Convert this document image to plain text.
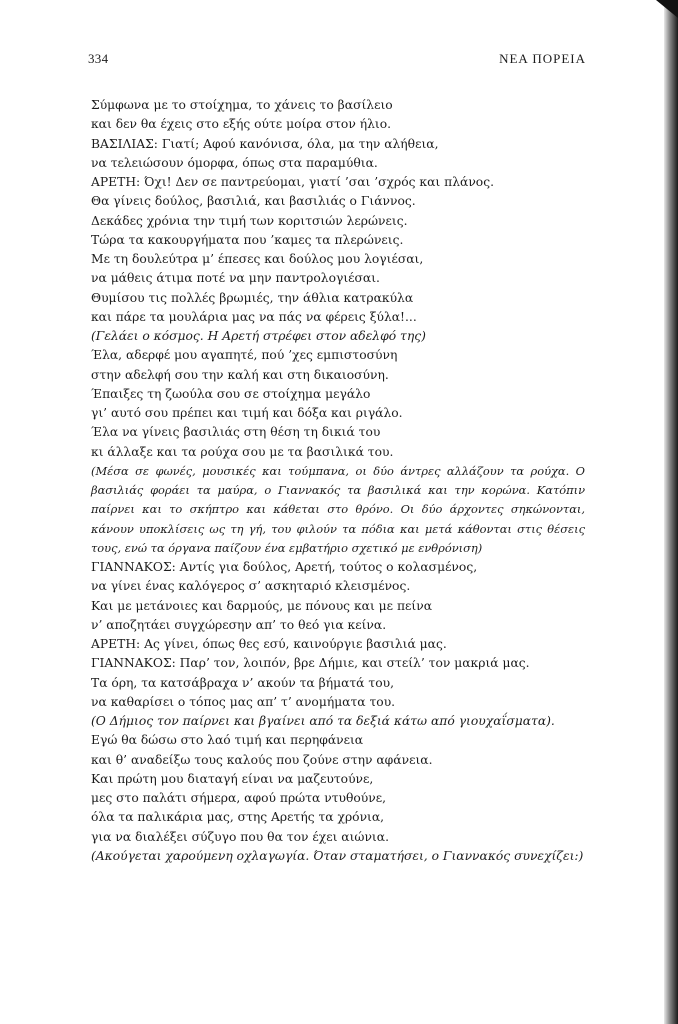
334	ΝΕΑ ΠΟΡΕΙΑ
Σύμφωνα με το στοίχημα, το χάνεις το βασίλειο
και δεν θα έχεις στο εξής ούτε μοίρα στον ήλιο.
ΒΑΣΙΛΙΑΣ: Γιατί; Αφού κανόνισα, όλα, μα την αλήθεια,
να τελειώσουν όμορφα, όπως στα παραμύθια.
ΑΡΕΤΗ: Όχι! Δεν σε παντρεύομαι, γιατί ’σαι ’σχρός και πλάνος.
Θα γίνεις δούλος, βασιλιά, και βασιλιάς ο Γιάννος.
Δεκάδες χρόνια την τιμή των κοριτσιών λερώνεις.
Τώρα τα κακουργήματα που ’καμες τα πλερώνεις.
Με τη δουλεύτρα μ’ έπεσες και δούλος μου λογιέσαι,
να μάθεις άτιμα ποτέ να μην παντρολογιέσαι.
Θυμίσου τις πολλές βρωμιές, την άθλια κατρακύλα
και πάρε τα μουλάρια μας να πάς να φέρεις ξύλα!...
(Γελάει ο κόσμος. Η Αρετή στρέφει στον αδελφό της)
Έλα, αδερφέ μου αγαπητέ, πού ’χες εμπιστοσύνη
στην αδελφή σου την καλή και στη δικαιοσύνη.
Έπαιξες τη ζωούλα σου σε στοίχημα μεγάλο
γι’ αυτό σου πρέπει και τιμή και δόξα και ριγάλο.
Έλα να γίνεις βασιλιάς στη θέση τη δικιά του
κι άλλαξε και τα ρούχα σου με τα βασιλικά του.
(Μέσα σε φωνές, μουσικές και τούμπανα, οι δύο άντρες αλλάζουν τα ρούχα. Ο βασιλιάς φοράει τα μαύρα, ο Γιαννακός τα βασιλικά και την κορώνα. Κατόπιν παίρνει και το σκήπτρο και κάθεται στο θρόνο. Οι δύο άρχοντες σηκώνονται, κάνουν υποκλίσεις ως τη γή, του φιλούν τα πόδια και μετά κάθονται στις θέσεις τους, ενώ τα όργανα παίζουν ένα εμβατήριο σχετικό με ενθρόνιση)
ΓΙΑΝΝΑΚΟΣ: Αντίς για δούλος, Αρετή, τούτος ο κολασμένος,
να γίνει ένας καλόγερος σ’ ασκηταριό κλεισμένος.
Και με μετάνοιες και δαρμούς, με πόνους και με πείνα
ν’ αποζητάει συγχώρεσην απ’ το θεό για κείνα.
ΑΡΕΤΗ: Ας γίνει, όπως θες εσύ, καινούργιε βασιλιά μας.
ΓΙΑΝΝΑΚΟΣ: Παρ’ τον, λοιπόν, βρε Δήμιε, και στείλ’ τον μακριά μας.
Τα όρη, τα κατσάβραχα ν’ ακούν τα βήματά του,
να καθαρίσει ο τόπος μας απ’ τ’ ανομήματα του.
(Ο Δήμιος τον παίρνει και βγαίνει από τα δεξιά κάτω από γιουχαΐσματα).
Εγώ θα δώσω στο λαό τιμή και περηφάνεια
και θ’ αναδείξω τους καλούς που ζούνε στην αφάνεια.
Και πρώτη μου διαταγή είναι να μαζευτούνε,
μες στο παλάτι σήμερα, αφού πρώτα ντυθούνε,
όλα τα παλικάρια μας, στης Αρετής τα χρόνια,
για να διαλέξει σύζυγο που θα τον έχει αιώνια.
(Ακούγεται χαρούμενη οχλαγωγία. Όταν σταματήσει, ο Γιαννακός συνεχίζει:)
